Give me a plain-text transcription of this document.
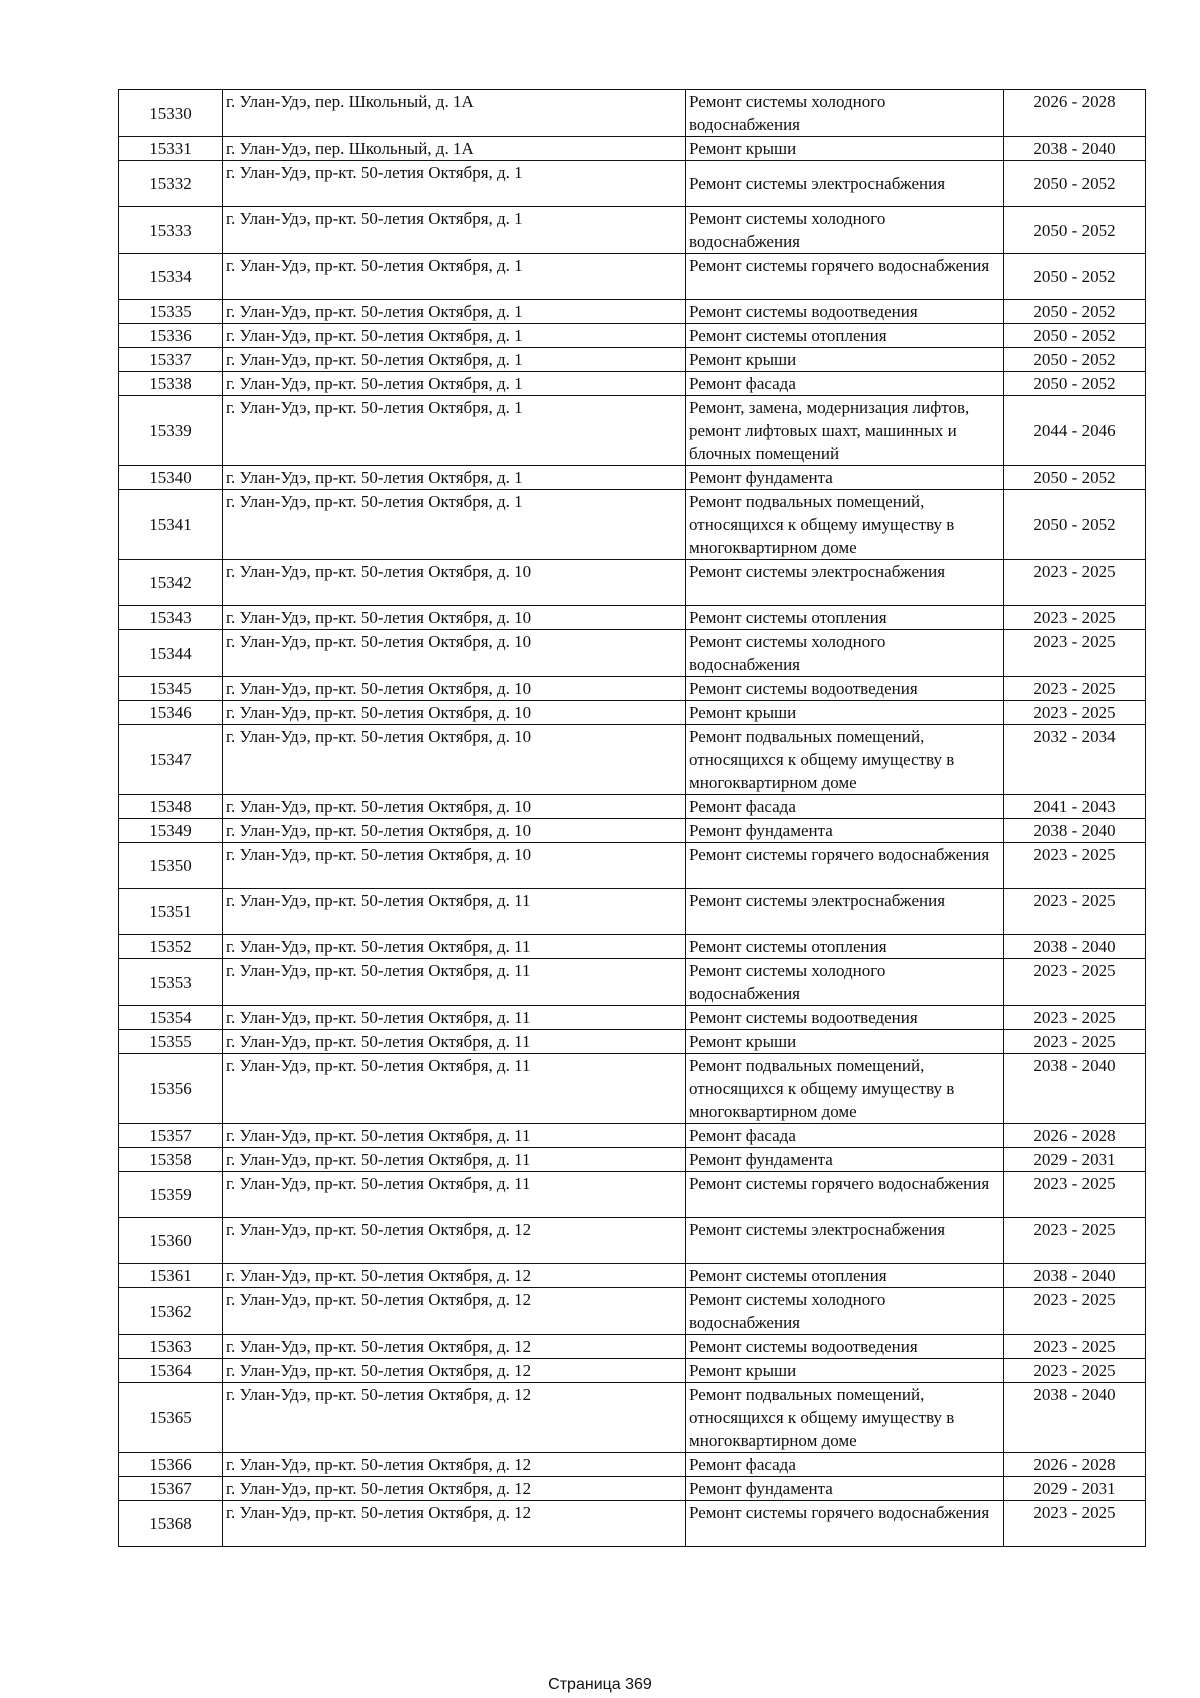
15330	г. Улан-Удэ, пер. Школьный, д. 1А	Ремонт системы холодного водоснабжения	2026 - 2028
15331	г. Улан-Удэ, пер. Школьный, д. 1А	Ремонт крыши	2038 - 2040
15332	г. Улан-Удэ, пр-кт. 50-летия Октября, д. 1	Ремонт системы электроснабжения	2050 - 2052
15333	г. Улан-Удэ, пр-кт. 50-летия Октября, д. 1	Ремонт системы холодного водоснабжения	2050 - 2052
15334	г. Улан-Удэ, пр-кт. 50-летия Октября, д. 1	Ремонт системы горячего водоснабжения	2050 - 2052
15335	г. Улан-Удэ, пр-кт. 50-летия Октября, д. 1	Ремонт системы водоотведения	2050 - 2052
15336	г. Улан-Удэ, пр-кт. 50-летия Октября, д. 1	Ремонт системы отопления	2050 - 2052
15337	г. Улан-Удэ, пр-кт. 50-летия Октября, д. 1	Ремонт крыши	2050 - 2052
15338	г. Улан-Удэ, пр-кт. 50-летия Октября, д. 1	Ремонт фасада	2050 - 2052
15339	г. Улан-Удэ, пр-кт. 50-летия Октября, д. 1	Ремонт, замена, модернизация лифтов, ремонт лифтовых шахт, машинных и блочных помещений	2044 - 2046
15340	г. Улан-Удэ, пр-кт. 50-летия Октября, д. 1	Ремонт фундамента	2050 - 2052
15341	г. Улан-Удэ, пр-кт. 50-летия Октября, д. 1	Ремонт подвальных помещений, относящихся к общему имуществу в многоквартирном доме	2050 - 2052
15342	г. Улан-Удэ, пр-кт. 50-летия Октября, д. 10	Ремонт системы электроснабжения	2023 - 2025
15343	г. Улан-Удэ, пр-кт. 50-летия Октября, д. 10	Ремонт системы отопления	2023 - 2025
15344	г. Улан-Удэ, пр-кт. 50-летия Октября, д. 10	Ремонт системы холодного водоснабжения	2023 - 2025
15345	г. Улан-Удэ, пр-кт. 50-летия Октября, д. 10	Ремонт системы водоотведения	2023 - 2025
15346	г. Улан-Удэ, пр-кт. 50-летия Октября, д. 10	Ремонт крыши	2023 - 2025
15347	г. Улан-Удэ, пр-кт. 50-летия Октября, д. 10	Ремонт подвальных помещений, относящихся к общему имуществу в многоквартирном доме	2032 - 2034
15348	г. Улан-Удэ, пр-кт. 50-летия Октября, д. 10	Ремонт фасада	2041 - 2043
15349	г. Улан-Удэ, пр-кт. 50-летия Октября, д. 10	Ремонт фундамента	2038 - 2040
15350	г. Улан-Удэ, пр-кт. 50-летия Октября, д. 10	Ремонт системы горячего водоснабжения	2023 - 2025
15351	г. Улан-Удэ, пр-кт. 50-летия Октября, д. 11	Ремонт системы электроснабжения	2023 - 2025
15352	г. Улан-Удэ, пр-кт. 50-летия Октября, д. 11	Ремонт системы отопления	2038 - 2040
15353	г. Улан-Удэ, пр-кт. 50-летия Октября, д. 11	Ремонт системы холодного водоснабжения	2023 - 2025
15354	г. Улан-Удэ, пр-кт. 50-летия Октября, д. 11	Ремонт системы водоотведения	2023 - 2025
15355	г. Улан-Удэ, пр-кт. 50-летия Октября, д. 11	Ремонт крыши	2023 - 2025
15356	г. Улан-Удэ, пр-кт. 50-летия Октября, д. 11	Ремонт подвальных помещений, относящихся к общему имуществу в многоквартирном доме	2038 - 2040
15357	г. Улан-Удэ, пр-кт. 50-летия Октября, д. 11	Ремонт фасада	2026 - 2028
15358	г. Улан-Удэ, пр-кт. 50-летия Октября, д. 11	Ремонт фундамента	2029 - 2031
15359	г. Улан-Удэ, пр-кт. 50-летия Октября, д. 11	Ремонт системы горячего водоснабжения	2023 - 2025
15360	г. Улан-Удэ, пр-кт. 50-летия Октября, д. 12	Ремонт системы электроснабжения	2023 - 2025
15361	г. Улан-Удэ, пр-кт. 50-летия Октября, д. 12	Ремонт системы отопления	2038 - 2040
15362	г. Улан-Удэ, пр-кт. 50-летия Октября, д. 12	Ремонт системы холодного водоснабжения	2023 - 2025
15363	г. Улан-Удэ, пр-кт. 50-летия Октября, д. 12	Ремонт системы водоотведения	2023 - 2025
15364	г. Улан-Удэ, пр-кт. 50-летия Октября, д. 12	Ремонт крыши	2023 - 2025
15365	г. Улан-Удэ, пр-кт. 50-летия Октября, д. 12	Ремонт подвальных помещений, относящихся к общему имуществу в многоквартирном доме	2038 - 2040
15366	г. Улан-Удэ, пр-кт. 50-летия Октября, д. 12	Ремонт фасада	2026 - 2028
15367	г. Улан-Удэ, пр-кт. 50-летия Октября, д. 12	Ремонт фундамента	2029 - 2031
15368	г. Улан-Удэ, пр-кт. 50-летия Октября, д. 12	Ремонт системы горячего водоснабжения	2023 - 2025
Страница 369
